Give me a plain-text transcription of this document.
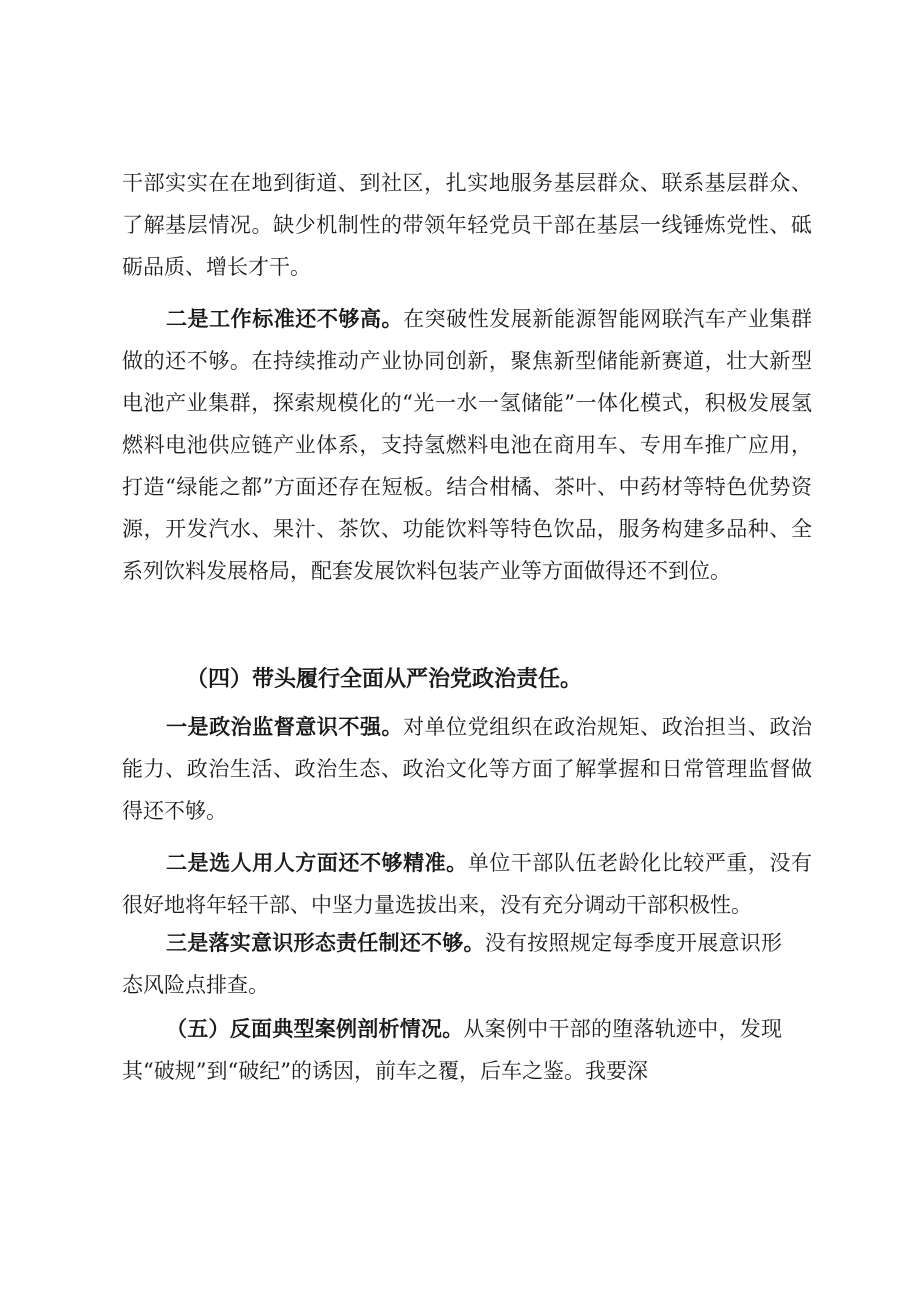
干部实实在在地到街道、到社区，扎实地服务基层群众、联系基层群众、了解基层情况。缺少机制性的带领年轻党员干部在基层一线锤炼党性、砥砺品质、增长才干。

二是工作标准还不够高。在突破性发展新能源智能网联汽车产业集群做的还不够。在持续推动产业协同创新，聚焦新型储能新赛道，壮大新型电池产业集群，探索规模化的“光一水一氢储能”一体化模式，积极发展氢燃料电池供应链产业体系，支持氢燃料电池在商用车、专用车推广应用，打造“绿能之都”方面还存在短板。结合柑橘、茶叶、中药材等特色优势资源，开发汽水、果汁、茶饮、功能饮料等特色饮品，服务构建多品种、全系列饮料发展格局，配套发展饮料包装产业等方面做得还不到位。

（四）带头履行全面从严治党政治责任。

一是政治监督意识不强。对单位党组织在政治规矩、政治担当、政治能力、政治生活、政治生态、政治文化等方面了解掌握和日常管理监督做得还不够。

二是选人用人方面还不够精准。单位干部队伍老龄化比较严重，没有很好地将年轻干部、中坚力量选拔出来，没有充分调动干部积极性。

三是落实意识形态责任制还不够。没有按照规定每季度开展意识形态风险点排查。

（五）反面典型案例剖析情况。从案例中干部的堕落轨迹中，发现其“破规”到“破纪”的诱因，前车之覆，后车之鉴。我要深
